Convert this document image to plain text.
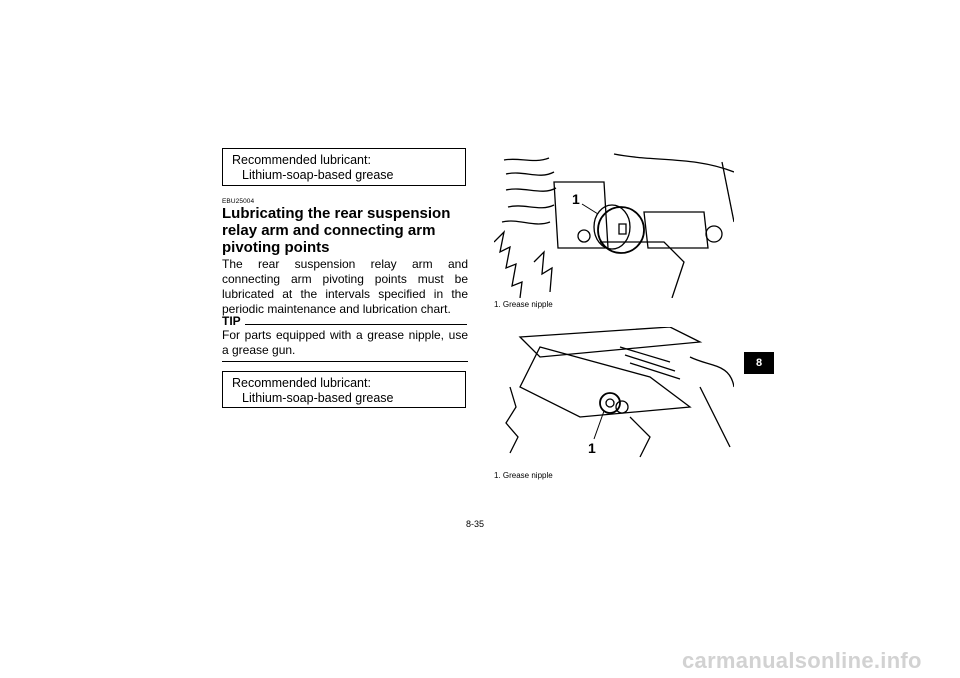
Recommended lubricant:
Lithium-soap-based grease
EBU25004
Lubricating the rear suspension relay arm and connecting arm pivoting points
The rear suspension relay arm and connecting arm pivoting points must be lubricated at the intervals specified in the periodic maintenance and lubrication chart.
TIP
For parts equipped with a grease nipple, use a grease gun.
Recommended lubricant:
Lithium-soap-based grease
1
1. Grease nipple
1
1. Grease nipple
8
8-35
carmanualsonline.info
